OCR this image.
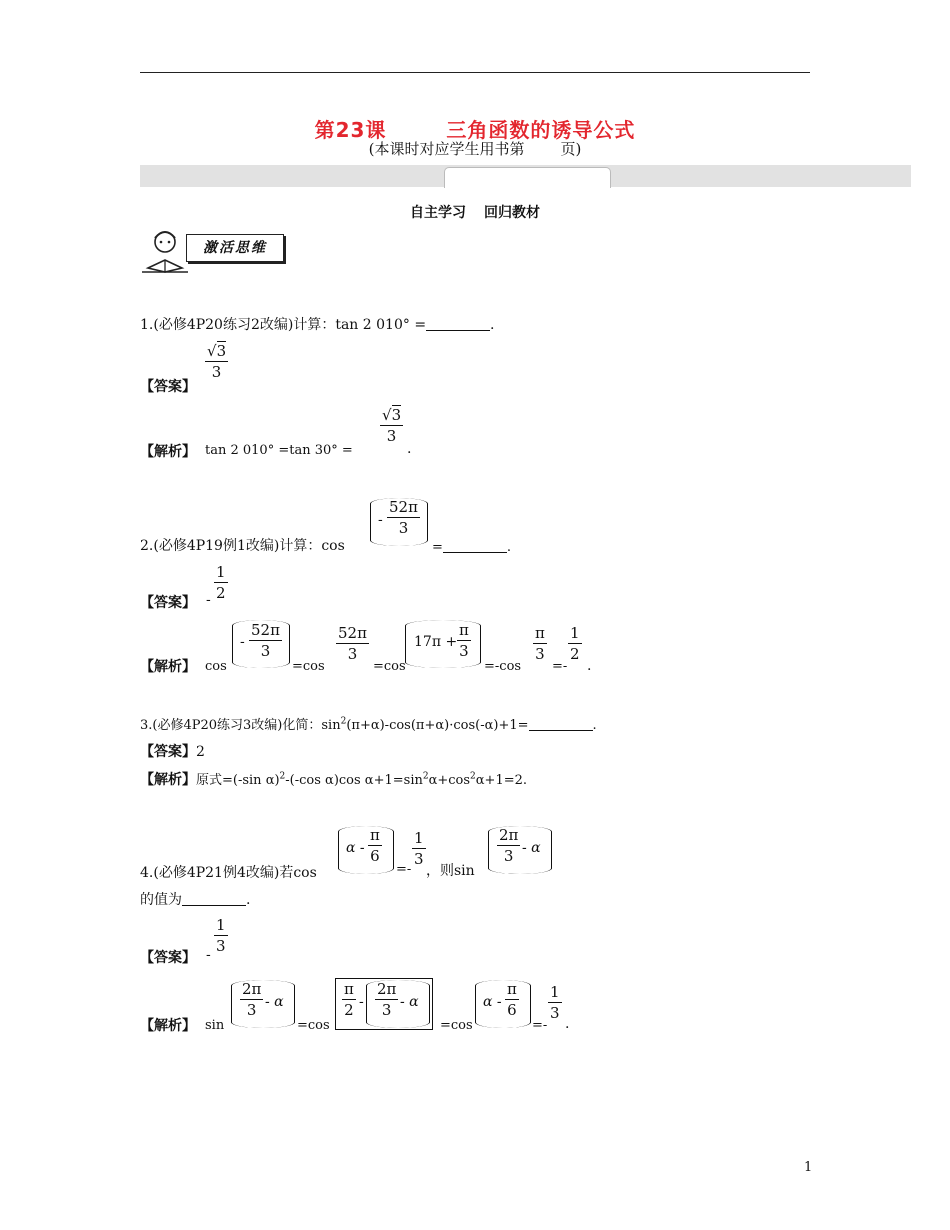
第23课	三角函数的诱导公式
(本课时对应学生用书第 页)
自主学习 回归教材
激活思维
1.(必修4P20练习2改编)计算：tan 2 010° =	.
【答案】
$\frac{√3}{3}$
【解析】 tan 2 010° =tan 30° =
$\frac{√3}{3}$
.
2.(必修4P19例1改编)计算：cos
- $\frac{52\pi}{3}$
=	.
【答案】 - $\frac{1}{2}$
【解析】 cos
- $\frac{52\pi}{3}$
=cos
$\frac{52\pi}{3}$
=cos
$17\pi + \frac{\pi}{3}$
=-cos
$\frac{\pi}{3}$
=-
$\frac{1}{2}$
.
3.(必修4P20练习3改编)化简：$\sin^2(\pi+\alpha)-\cos(\pi+\alpha)\cdot\cos(-\alpha)+1=$	.
【答案】2
【解析】原式=(-sin α)$^2$-(-cos α)cos $\alpha+1=\sin^2\alpha+\cos^2\alpha+1=2$.
4.(必修4P21例4改编)若cos
α - $\frac{\pi}{6}$
=-
$\frac{1}{3}$
，则sin
$\frac{2\pi}{3}$ - α
的值为	.
【答案】 -
$\frac{1}{3}$
【解析】 sin
$\frac{2\pi}{3}$ - α
=cos
$\frac{\pi}{2} - \frac{2\pi}{3}$ - α
=cos
α - $\frac{\pi}{6}$
=-
$\frac{1}{3}$
.
1
